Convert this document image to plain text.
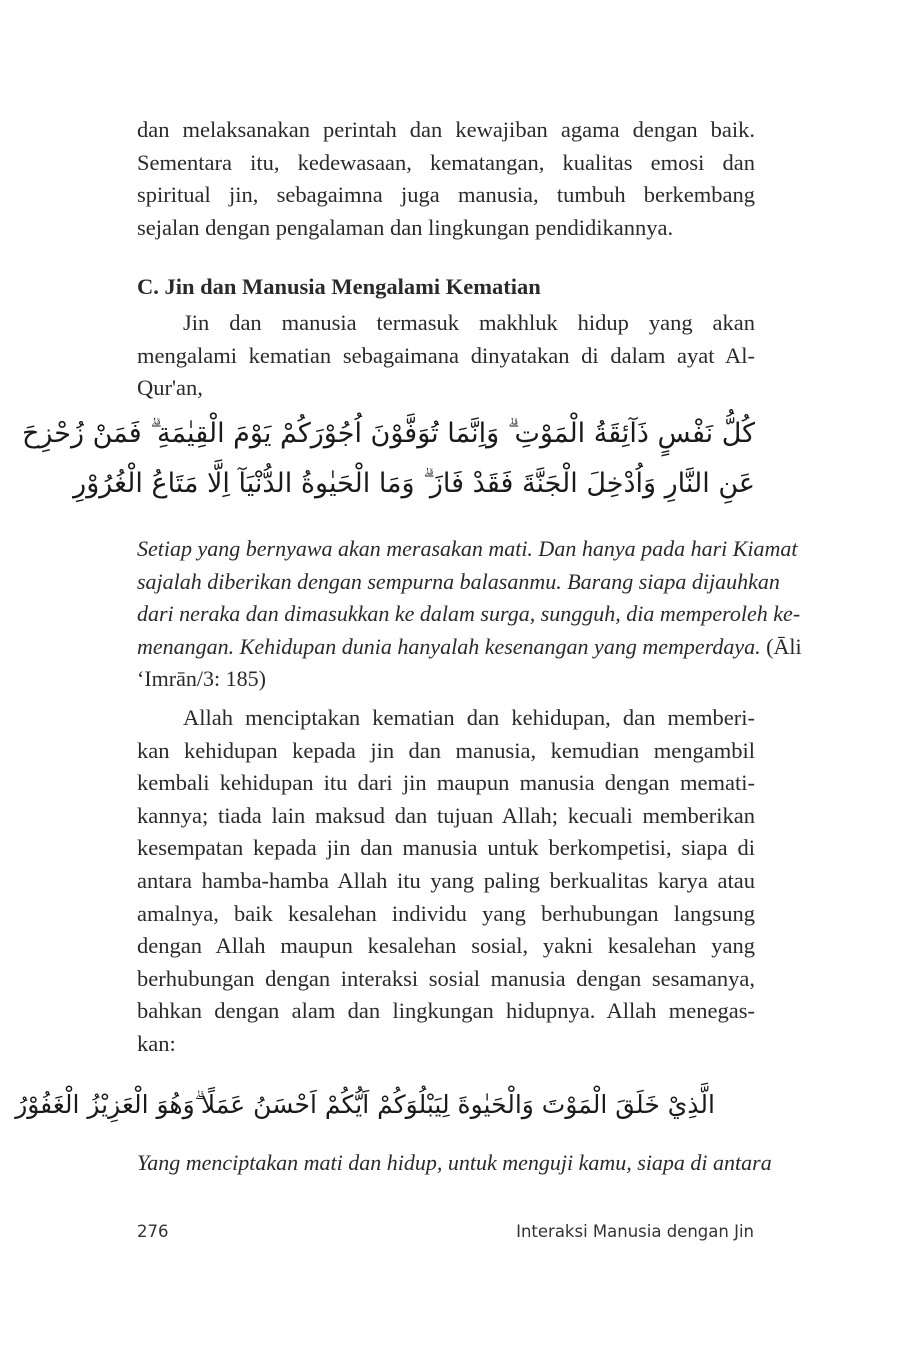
dan melaksanakan perintah dan kewajiban agama dengan baik.
Sementara itu, kedewasaan, kematangan, kualitas emosi dan
spiritual jin, sebagaimna juga manusia, tumbuh berkembang
sejalan dengan pengalaman dan lingkungan pendidikannya.
C. Jin dan Manusia Mengalami Kematian
Jin dan manusia termasuk makhluk hidup yang akan
mengalami kematian sebagaimana dinyatakan di dalam ayat Al-
Qur'an,
كُلُّ نَفْسٍ ذَآئِقَةُ الْمَوْتِ ۗ وَاِنَّمَا تُوَفَّوْنَ اُجُوْرَكُمْ يَوْمَ الْقِيٰمَةِ ۗ فَمَنْ زُحْزِحَ
عَنِ النَّارِ وَاُدْخِلَ الْجَنَّةَ فَقَدْ فَازَ ۗ وَمَا الْحَيٰوةُ الدُّنْيَآ اِلَّا مَتَاعُ الْغُرُوْرِ
Setiap yang bernyawa akan merasakan mati. Dan hanya pada hari Kiamat
sajalah diberikan dengan sempurna balasanmu. Barang siapa dijauhkan
dari neraka dan dimasukkan ke dalam surga, sungguh, dia memperoleh ke-
menangan. Kehidupan dunia hanyalah kesenangan yang memperdaya. (Āli
‘Imrān/3: 185)
Allah menciptakan kematian dan kehidupan, dan memberi-
kan kehidupan kepada jin dan manusia, kemudian mengambil
kembali kehidupan itu dari jin maupun manusia dengan memati-
kannya; tiada lain maksud dan tujuan Allah; kecuali memberikan
kesempatan kepada jin dan manusia untuk berkompetisi, siapa di
antara hamba-hamba Allah itu yang paling berkualitas karya atau
amalnya, baik kesalehan individu yang berhubungan langsung
dengan Allah maupun kesalehan sosial, yakni kesalehan yang
berhubungan dengan interaksi sosial manusia dengan sesamanya,
bahkan dengan alam dan lingkungan hidupnya. Allah menegas-
kan:
الَّذِيْ خَلَقَ الْمَوْتَ وَالْحَيٰوةَ لِيَبْلُوَكُمْ اَيُّكُمْ اَحْسَنُ عَمَلًا ۗوَهُوَ الْعَزِيْزُ الْغَفُوْرُ
Yang menciptakan mati dan hidup, untuk menguji kamu, siapa di antara
276	Interaksi Manusia dengan Jin
